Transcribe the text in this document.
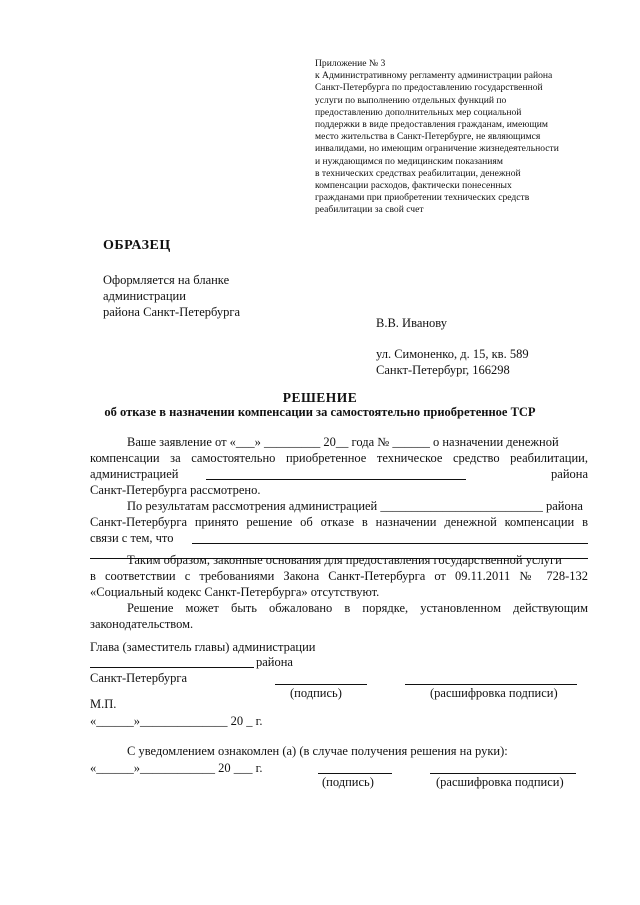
Приложение № 3
к Административному регламенту администрации района
Санкт-Петербурга по предоставлению государственной
услуги по выполнению отдельных функций по
предоставлению дополнительных мер социальной
поддержки в виде предоставления гражданам, имеющим
место жительства в Санкт-Петербурге, не являющимся
инвалидами, но имеющим ограничение жизнедеятельности
и нуждающимся по медицинским показаниям
в технических средствах реабилитации, денежной
компенсации расходов, фактически понесенных
гражданами при приобретении технических средств
реабилитации за свой счет
ОБРАЗЕЦ
Оформляется на бланке
администрации
района Санкт-Петербурга
В.В. Иванову
ул. Симоненко, д. 15, кв. 589
Санкт-Петербург, 166298
РЕШЕНИЕ
об отказе в назначении компенсации за самостоятельно приобретенное ТСР
Ваше заявление от «___» _________ 20__ года № ______ о назначении денежной
компенсации за самостоятельно приобретенное техническое средство реабилитации,
администрацией	района
Санкт-Петербурга рассмотрено.
По результатам рассмотрения администрацией __________________________ района
Санкт-Петербурга принято решение об отказе в назначении денежной компенсации в
связи с тем, что
Таким образом, законные основания для предоставления государственной услуги
в соответствии с требованиями Закона Санкт-Петербурга от 09.11.2011 № 728-132
«Социальный кодекс Санкт-Петербурга» отсутствуют.
Решение может быть обжаловано в порядке, установленном действующим
законодательством.
Глава (заместитель главы) администрации
района
Санкт-Петербурга
(подпись)	(расшифровка подписи)
М.П.
«______»______________ 20 _ г.
С уведомлением ознакомлен (а) (в случае получения решения на руки):
«______»____________ 20 ___ г.
(подпись)	(расшифровка подписи)
